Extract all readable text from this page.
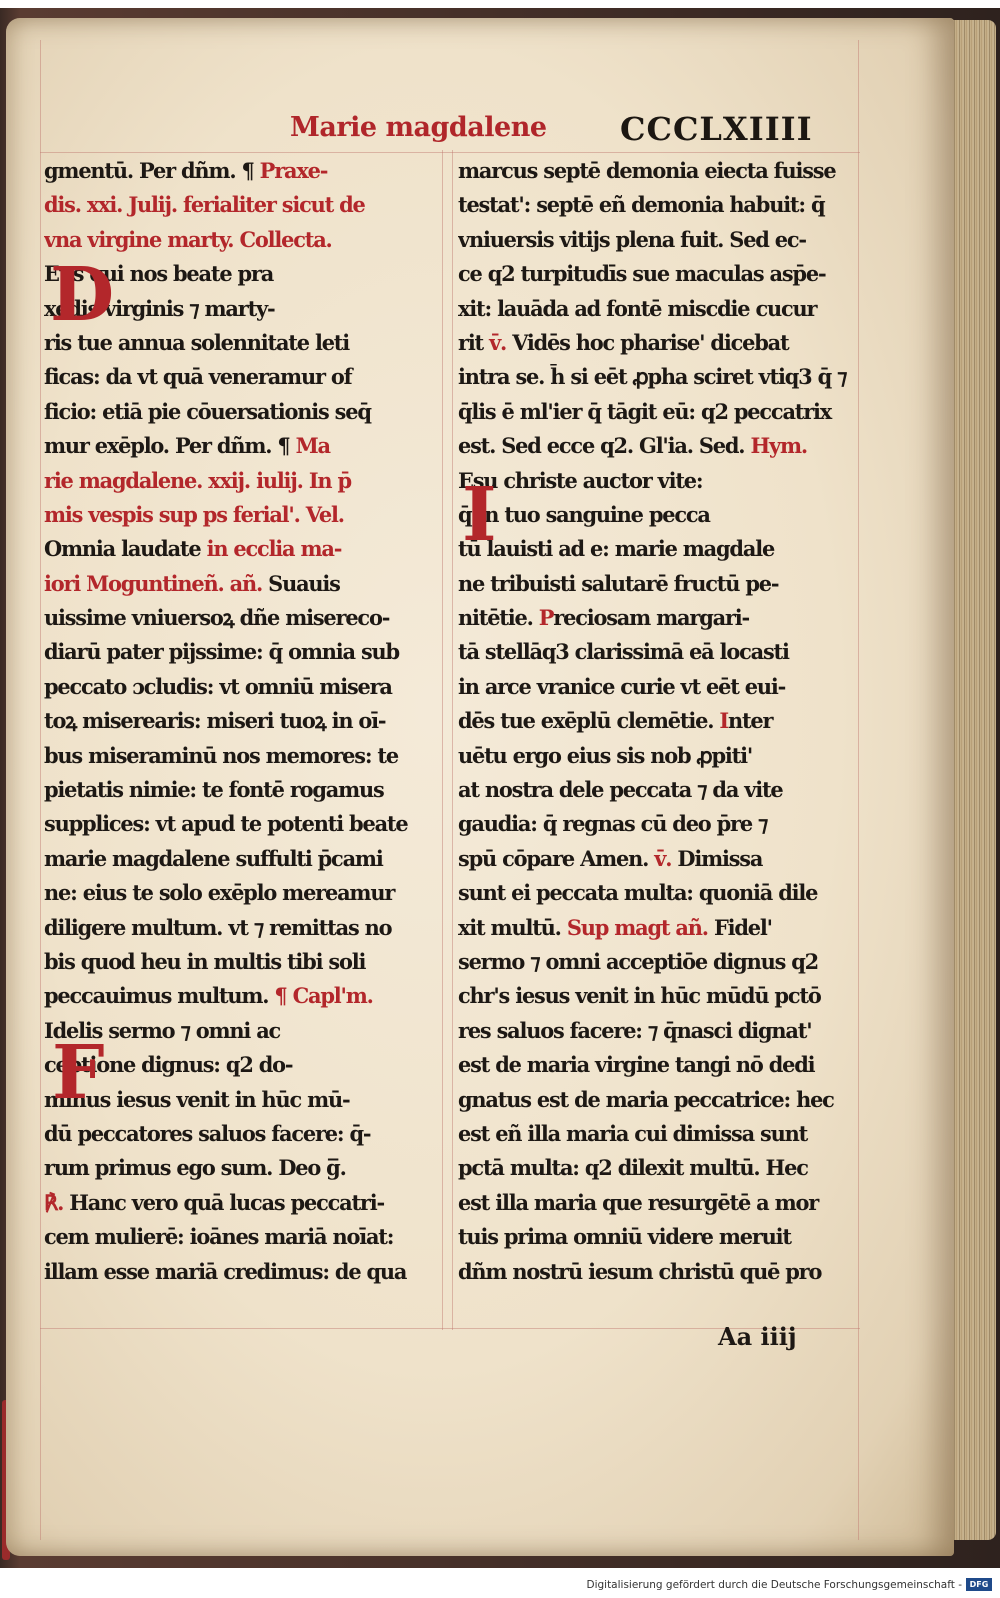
Marie magdalene CCCLXIIII
gmentū. Per dñm. ¶ Praxe-
dis. xxi. Julij. ferialiter sicut de
vna virgine marty. Collecta.
Eus qui nos beate pra
xedis virginis ⁊ marty-
ris tue annua solennitate leti
ficas: da vt quā veneramur of
ficio: etiā pie cōuersationis seq̄
mur exēplo. Per dñm. ¶ Ma
rie magdalene. xxij. iulij. In p̄
mis vespis sup ps ferial'. Vel.
Omnia laudate in ecclia ma-
iori Moguntineñ. añ. Suauis
uissime vniuersoꝝ dñe misereco-
diarū pater pijssime: q̄ omnia sub
peccato ɔcludis: vt omniū misera
toꝝ miserearis: miseri tuoꝝ in oī-
bus miseraminū nos memores: te
pietatis nimie: te fontē rogamus
supplices: vt apud te potenti beate
marie magdalene suffulti p̄cami
ne: eius te solo exēplo mereamur
diligere multum. vt ⁊ remittas no
bis quod heu in multis tibi soli
peccauimus multum. ¶ Capl'm.
Idelis sermo ⁊ omni ac
ceptione dignus: q2 do-
minus iesus venit in hūc mū-
dū peccatores saluos facere: q̄-
rum primus ego sum. Deo g̅.
℟. Hanc vero quā lucas peccatri-
cem mulierē: ioānes mariā noīat:
illam esse mariā credimus: de qua
marcus septē demonia eiecta fuisse
testat': septē eñ demonia habuit: q̄
vniuersis vitijs plena fuit. Sed ec-
ce q2 turpitudīs sue maculas asp̄e-
xit: lauāda ad fontē miscdie cucur
rit v̄. Vidēs hoc pharise' dicebat
intra se. h̄ si eēt ꝓpha sciret vtiq3 q̄ ⁊
q̄lis ē ml'ier q̄ tāgit eū: q2 peccatrix
est. Sed ecce q2. Gl'ia. Sed. Hym.
Esu christe auctor vite:
q̄ in tuo sanguine pecca
tū lauisti ad e: marie magdale
ne tribuisti salutarē fructū pe-
nitētie. Preciosam margari-
tā stellāq3 clarissimā eā locasti
in arce vranice curie vt eēt eui-
dēs tue exēplū clemētie. Inter
uētu ergo eius sis nob ꝓpiti'
at nostra dele peccata ⁊ da vite
gaudia: q̄ regnas cū deo p̄re ⁊
spū cōpare Amen. v̄. Dimissa
sunt ei peccata multa: quoniā dile
xit multū. Sup magt añ. Fidel'
sermo ⁊ omni acceptiōe dignus q2
chr's iesus venit in hūc mūdū pctō
res saluos facere: ⁊ q̄nasci dignat'
est de maria virgine tangi nō dedi
gnatus est de maria peccatrice: hec
est eñ illa maria cui dimissa sunt
pctā multa: q2 dilexit multū. Hec
est illa maria que resurgētē a mor
tuis prima omniū videre meruit
dñm nostrū iesum christū quē pro
D
F
I
Aa iiij
Digitalisierung gefördert durch die Deutsche Forschungsgemeinschaft - DFG
